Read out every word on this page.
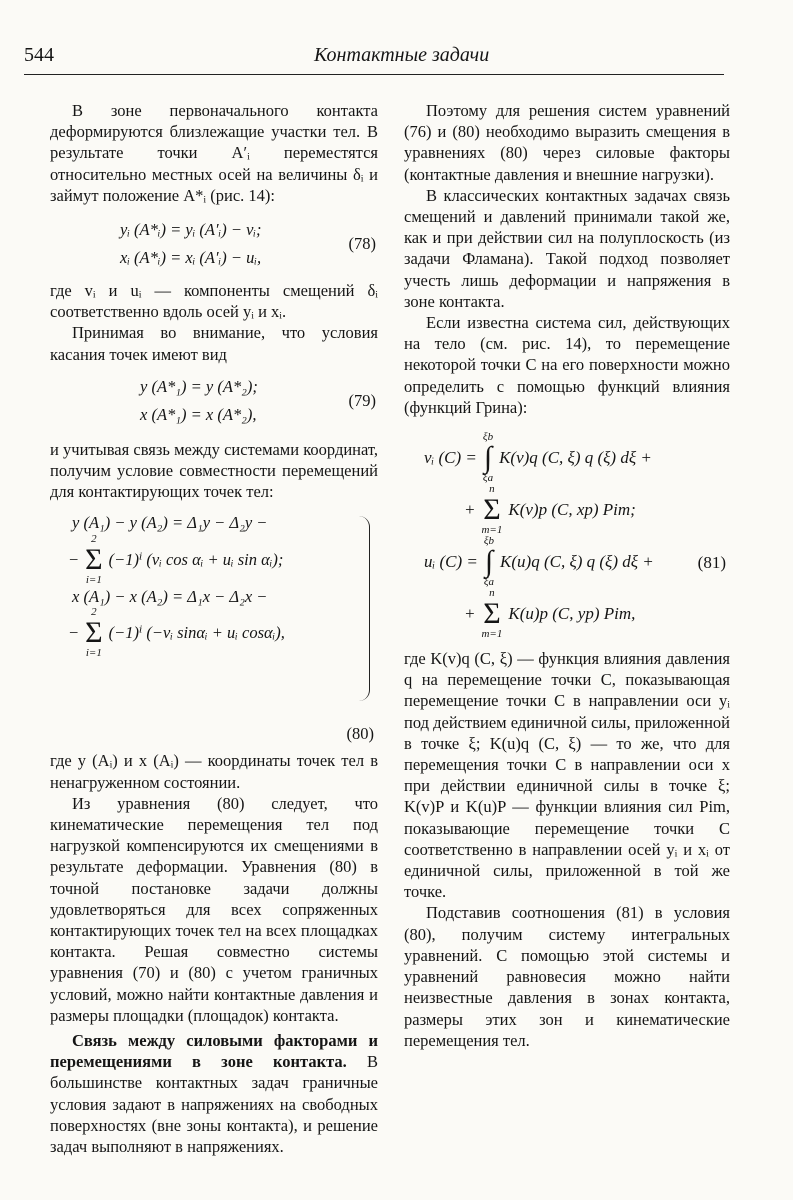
544	Контактные задачи

В зоне первоначального контакта деформируются близлежащие участки тел. В результате точки A′ᵢ переместятся относительно местных осей на величины δᵢ и займут положение A*ᵢ (рис. 14):

yᵢ (A*ᵢ) = yᵢ (A′ᵢ) − vᵢ;
xᵢ (A*ᵢ) = xᵢ (A′ᵢ) − uᵢ,
(78)

где vᵢ и uᵢ — компоненты смещений δᵢ соответственно вдоль осей yᵢ и xᵢ.

Принимая во внимание, что условия касания точек имеют вид

y (A*₁) = y (A*₂);
x (A*₁) = x (A*₂),
(79)

и учитывая связь между системами координат, получим условие совместности перемещений для контактирующих точек тел:

y (A₁) − y (A₂) = Δ₁y − Δ₂y −
−
2
Σ
i=1
(−1)ⁱ (vᵢ cos αᵢ + uᵢ sin αᵢ);
x (A₁) − x (A₂) = Δ₁x − Δ₂x −
−
2
Σ
i=1
(−1)ⁱ (−vᵢ sinαᵢ + uᵢ cosαᵢ),
(80)

где y (Aᵢ) и x (Aᵢ) — координаты точек тел в ненагруженном состоянии.

Из уравнения (80) следует, что кинематические перемещения тел под нагрузкой компенсируются их смещениями в результате деформации. Уравнения (80) в точной постановке задачи должны удовлетворяться для всех сопряженных контактирующих точек тел на всех площадках контакта. Решая совместно системы уравнения (70) и (80) с учетом граничных условий, можно найти контактные давления и размеры площадки (площадок) контакта.

Связь между силовыми факторами и перемещениями в зоне контакта. В большинстве контактных задач граничные условия задают в напряжениях на свободных поверхностях (вне зоны контакта), и решение задач выполняют в напряжениях.

Поэтому для решения систем уравнений (76) и (80) необходимо выразить смещения в уравнениях (80) через силовые факторы (контактные давления и внешние нагрузки).

В классических контактных задачах связь смещений и давлений принимали такой же, как и при действии сил на полуплоскость (из задачи Фламана). Такой подход позволяет учесть лишь деформации и напряжения в зоне контакта.

Если известна система сил, действующих на тело (см. рис. 14), то перемещение некоторой точки C на его поверхности можно определить с помощью функций влияния (функций Грина):

vᵢ (C) =
ξb
∫
ξa
K(v)q (C, ξ) q (ξ) dξ +
+
n
Σ
m=1
K(v)p (C, xp) Pim;
uᵢ (C) =
ξb
∫
ξa
K(u)q (C, ξ) q (ξ) dξ +
+
n
Σ
m=1
K(u)p (C, yp) Pim,
(81)

где K(v)q (C, ξ) — функция влияния давления q на перемещение точки C, показывающая перемещение точки C в направлении оси yᵢ под действием единичной силы, приложенной в точке ξ; K(u)q (C, ξ) — то же, что для перемещения точки C в направлении оси x при действии единичной силы в точке ξ; K(v)P и K(u)P — функции влияния сил Pim, показывающие перемещение точки C соответственно в направлении осей yᵢ и xᵢ от единичной силы, приложенной в той же точке.

Подставив соотношения (81) в условия (80), получим систему интегральных уравнений. С помощью этой системы и уравнений равновесия можно найти неизвестные давления в зонах контакта, размеры этих зон и кинематические перемещения тел.
